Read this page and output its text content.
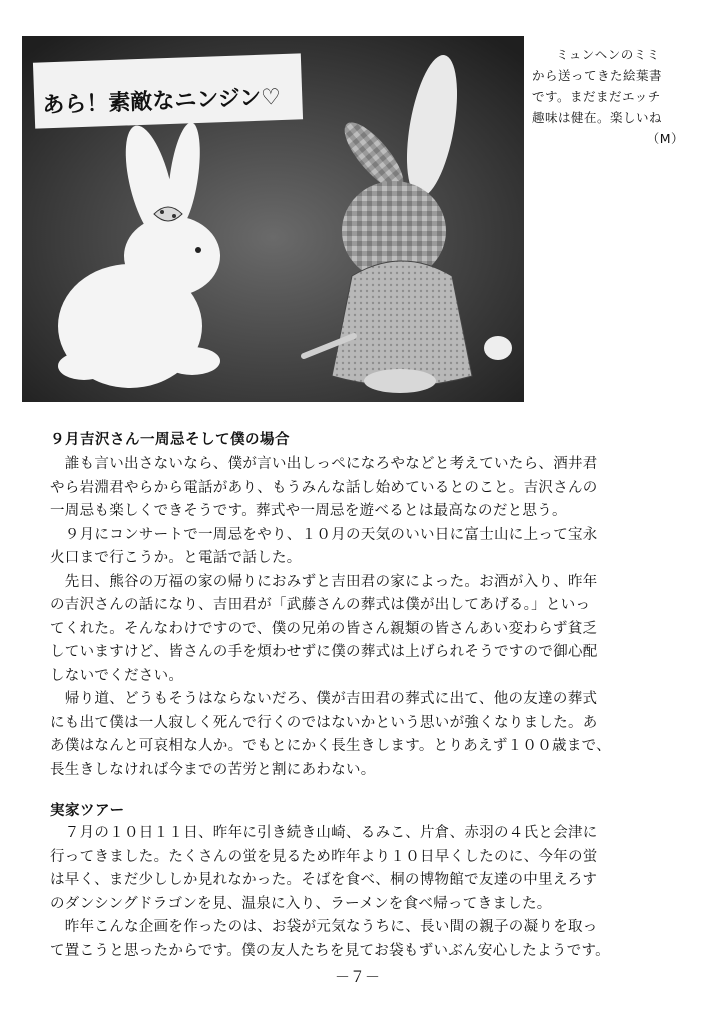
あら！素敵なニンジン♡
ミュンヘンのミミ
から送ってきた絵葉書
です。まだまだエッチ
趣味は健在。楽しいね
（M）
９月吉沢さん一周忌そして僕の場合
　誰も言い出さないなら、僕が言い出しっぺになろやなどと考えていたら、酒井君
やら岩淵君やらから電話があり、もうみんな話し始めているとのこと。吉沢さんの
一周忌も楽しくできそうです。葬式や一周忌を遊べるとは最高なのだと思う。
　９月にコンサートで一周忌をやり、１０月の天気のいい日に富士山に上って宝永
火口まで行こうか。と電話で話した。
　先日、熊谷の万福の家の帰りにおみずと吉田君の家によった。お酒が入り、昨年
の吉沢さんの話になり、吉田君が「武藤さんの葬式は僕が出してあげる。」といっ
てくれた。そんなわけですので、僕の兄弟の皆さん親類の皆さんあい変わらず貧乏
していますけど、皆さんの手を煩わせずに僕の葬式は上げられそうですので御心配
しないでください。
　帰り道、どうもそうはならないだろ、僕が吉田君の葬式に出て、他の友達の葬式
にも出て僕は一人寂しく死んで行くのではないかという思いが強くなりました。あ
あ僕はなんと可哀相な人か。でもとにかく長生きします。とりあえず１００歳まで、
長生きしなければ今までの苦労と割にあわない。
実家ツアー
　７月の１０日１１日、昨年に引き続き山崎、るみこ、片倉、赤羽の４氏と会津に
行ってきました。たくさんの蛍を見るため昨年より１０日早くしたのに、今年の蛍
は早く、まだ少ししか見れなかった。そばを食べ、桐の博物館で友達の中里えろす
のダンシングドラゴンを見、温泉に入り、ラーメンを食べ帰ってきました。
　昨年こんな企画を作ったのは、お袋が元気なうちに、長い間の親子の凝りを取っ
て置こうと思ったからです。僕の友人たちを見てお袋もずいぶん安心したようです。
－７－
